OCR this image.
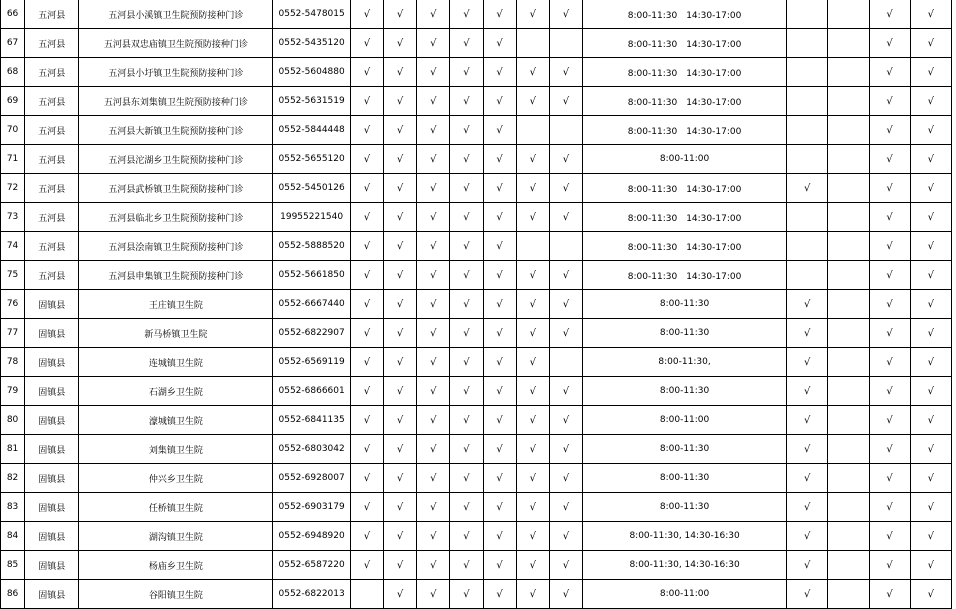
66	五河县	五河县小溪镇卫生院预防接种门诊	0552-5478015	√	√	√	√	√	√	√	8:00-11:30　14:30-17:00			√	√
67	五河县	五河县双忠庙镇卫生院预防接种门诊	0552-5435120	√	√	√	√	√			8:00-11:30　14:30-17:00			√	√
68	五河县	五河县小圩镇卫生院预防接种门诊	0552-5604880	√	√	√	√	√	√	√	8:00-11:30　14:30-17:00			√	√
69	五河县	五河县东刘集镇卫生院预防接种门诊	0552-5631519	√	√	√	√	√	√	√	8:00-11:30　14:30-17:00			√	√
70	五河县	五河县大新镇卫生院预防接种门诊	0552-5844448	√	√	√	√	√			8:00-11:30　14:30-17:00			√	√
71	五河县	五河县沱湖乡卫生院预防接种门诊	0552-5655120	√	√	√	√	√	√	√	8:00-11:00			√	√
72	五河县	五河县武桥镇卫生院预防接种门诊	0552-5450126	√	√	√	√	√	√	√	8:00-11:30　14:30-17:00	√		√	√
73	五河县	五河县临北乡卫生院预防接种门诊	19955221540	√	√	√	√	√	√	√	8:00-11:30　14:30-17:00			√	√
74	五河县	五河县浍南镇卫生院预防接种门诊	0552-5888520	√	√	√	√	√			8:00-11:30　14:30-17:00			√	√
75	五河县	五河县申集镇卫生院预防接种门诊	0552-5661850	√	√	√	√	√	√	√	8:00-11:30　14:30-17:00			√	√
76	固镇县	王庄镇卫生院	0552-6667440	√	√	√	√	√	√	√	8:00-11:30	√		√	√
77	固镇县	新马桥镇卫生院	0552-6822907	√	√	√	√	√	√	√	8:00-11:30	√		√	√
78	固镇县	连城镇卫生院	0552-6569119	√	√	√	√	√	√		8:00-11:30,	√		√	√
79	固镇县	石湖乡卫生院	0552-6866601	√	√	√	√	√	√	√	8:00-11:30	√		√	√
80	固镇县	濠城镇卫生院	0552-6841135	√	√	√	√	√	√	√	8:00-11:00	√		√	√
81	固镇县	刘集镇卫生院	0552-6803042	√	√	√	√	√	√	√	8:00-11:30	√		√	√
82	固镇县	仲兴乡卫生院	0552-6928007	√	√	√	√	√	√	√	8:00-11:30	√		√	√
83	固镇县	任桥镇卫生院	0552-6903179	√	√	√	√	√	√	√	8:00-11:30	√		√	√
84	固镇县	湖沟镇卫生院	0552-6948920	√	√	√	√	√	√	√	8:00-11:30, 14:30-16:30	√		√	√
85	固镇县	杨庙乡卫生院	0552-6587220	√	√	√	√	√	√	√	8:00-11:30, 14:30-16:30	√		√	√
86	固镇县	谷阳镇卫生院	0552-6822013		√	√	√	√	√	√	8:00-11:00	√		√	√
